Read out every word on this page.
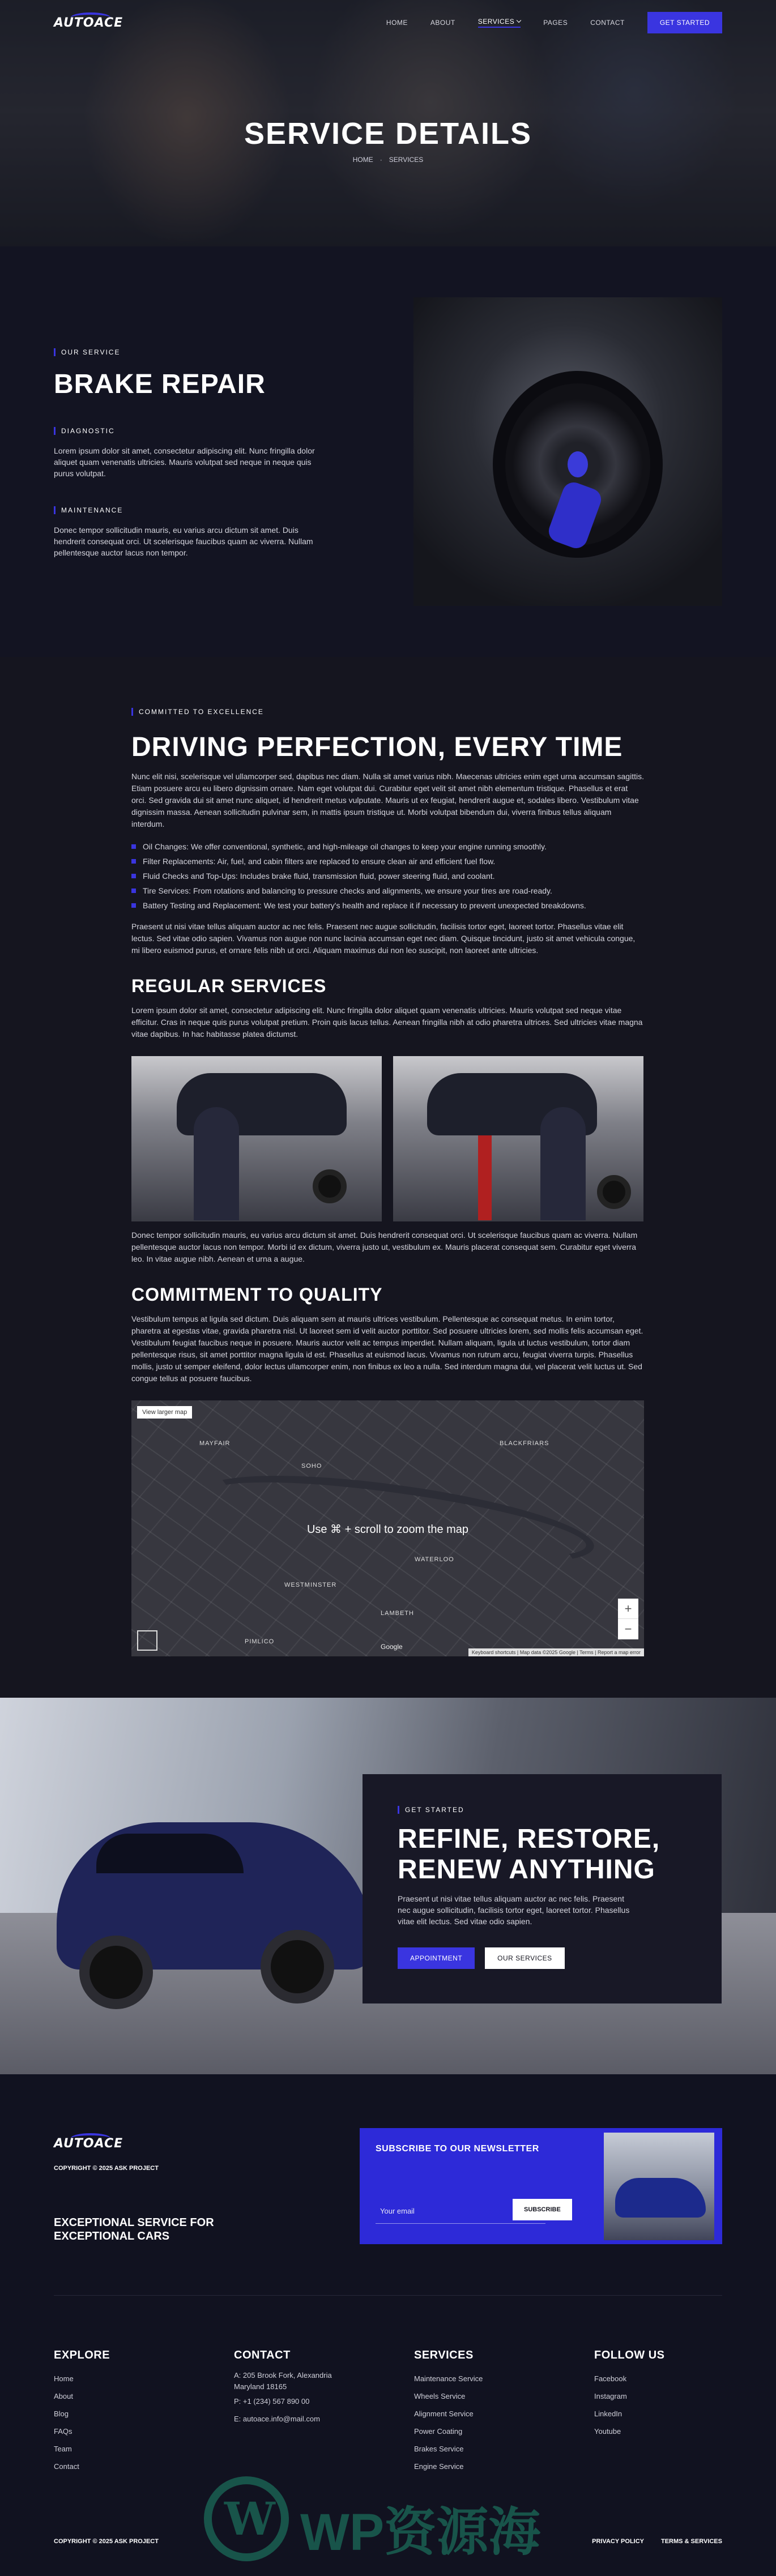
AUTOACE	HOME	ABOUT	SERVICES	PAGES	CONTACT	GET STARTED
SERVICE DETAILS
HOME · SERVICES
OUR SERVICE
BRAKE REPAIR
DIAGNOSTIC

Lorem ipsum dolor sit amet, consectetur adipiscing elit. Nunc fringilla dolor aliquet quam venenatis ultricies. Mauris volutpat sed neque in neque quis purus volutpat.

MAINTENANCE

Donec tempor sollicitudin mauris, eu varius arcu dictum sit amet. Duis hendrerit consequat orci. Ut scelerisque faucibus quam ac viverra. Nullam pellentesque auctor lacus non tempor.

COMMITTED TO EXCELLENCE
DRIVING PERFECTION, EVERY TIME

Nunc elit nisi, scelerisque vel ullamcorper sed, dapibus nec diam. Nulla sit amet varius nibh. Maecenas ultricies enim eget urna accumsan sagittis. Etiam posuere arcu eu libero dignissim ornare. Nam eget volutpat dui. Curabitur eget velit sit amet nibh elementum tristique. Phasellus et erat orci. Sed gravida dui sit amet nunc aliquet, id hendrerit metus vulputate. Mauris ut ex feugiat, hendrerit augue et, sodales libero. Vestibulum vitae dignissim massa. Aenean sollicitudin pulvinar sem, in mattis ipsum tristique ut. Morbi volutpat bibendum dui, viverra finibus tellus aliquam interdum.

Oil Changes: We offer conventional, synthetic, and high-mileage oil changes to keep your engine running smoothly.
Filter Replacements: Air, fuel, and cabin filters are replaced to ensure clean air and efficient fuel flow.
Fluid Checks and Top-Ups: Includes brake fluid, transmission fluid, power steering fluid, and coolant.
Tire Services: From rotations and balancing to pressure checks and alignments, we ensure your tires are road-ready.
Battery Testing and Replacement: We test your battery's health and replace it if necessary to prevent unexpected breakdowns.

Praesent ut nisi vitae tellus aliquam auctor ac nec felis. Praesent nec augue sollicitudin, facilisis tortor eget, laoreet tortor. Phasellus vitae elit lectus. Sed vitae odio sapien. Vivamus non augue non nunc lacinia accumsan eget nec diam. Quisque tincidunt, justo sit amet vehicula congue, mi libero euismod purus, et ornare felis nibh ut orci. Aliquam maximus dui non leo suscipit, non laoreet ante ultricies.

REGULAR SERVICES

Lorem ipsum dolor sit amet, consectetur adipiscing elit. Nunc fringilla dolor aliquet quam venenatis ultricies. Mauris volutpat sed neque vitae efficitur. Cras in neque quis purus volutpat pretium. Proin quis lacus tellus. Aenean fringilla nibh at odio pharetra ultrices. Sed ultricies vitae magna vitae dapibus. In hac habitasse platea dictumst.

Donec tempor sollicitudin mauris, eu varius arcu dictum sit amet. Duis hendrerit consequat orci. Ut scelerisque faucibus quam ac viverra. Nullam pellentesque auctor lacus non tempor. Morbi id ex dictum, viverra justo ut, vestibulum ex. Mauris placerat consequat sem. Curabitur eget viverra leo. In vitae augue nibh. Aenean et urna a augue.

COMMITMENT TO QUALITY

Vestibulum tempus at ligula sed dictum. Duis aliquam sem at mauris ultrices vestibulum. Pellentesque ac consequat metus. In enim tortor, pharetra at egestas vitae, gravida pharetra nisl. Ut laoreet sem id velit auctor porttitor. Sed posuere ultricies lorem, sed mollis felis accumsan eget. Vestibulum feugiat faucibus neque in posuere. Mauris auctor velit ac tempus imperdiet. Nullam aliquam, ligula ut luctus vestibulum, tortor diam pellentesque risus, sit amet porttitor magna ligula id est. Phasellus at euismod lacus. Vivamus non rutrum arcu, feugiat viverra turpis. Phasellus mollis, justo ut semper eleifend, dolor lectus ullamcorper enim, non finibus ex leo a nulla. Sed interdum magna dui, vel placerat velit luctus ut. Sed congue tellus at posuere faucibus.

MAYFAIR
SOHO
BLACKFRIARS
WATERLOO
WESTMINSTER
LAMBETH
PIMLICO
View larger map
Use ⌘ + scroll to zoom the map
+
−
Google
Keyboard shortcuts | Map data ©2025 Google | Terms | Report a map error
GET STARTED
REFINE, RESTORE, RENEW ANYTHING

Praesent ut nisi vitae tellus aliquam auctor ac nec felis. Praesent nec augue sollicitudin, facilisis tortor eget, laoreet tortor. Phasellus vitae elit lectus. Sed vitae odio sapien.

APPOINTMENT	OUR SERVICES
AUTOACE
COPYRIGHT © 2025 ASK PROJECT
EXCEPTIONAL SERVICE FOR EXCEPTIONAL CARS
SUBSCRIBE TO OUR NEWSLETTER
Your email	SUBSCRIBE
EXPLORE
Home
About
Blog
FAQs
Team
Contact
CONTACT
A: 205 Brook Fork, Alexandria
Maryland 18165
P: +1 (234) 567 890 00
E: autoace.info@mail.com
SERVICES
Maintenance Service
Wheels Service
Alignment Service
Power Coating
Brakes Service
Engine Service
FOLLOW US
Facebook
Instagram
LinkedIn
Youtube
W WP资源海
COPYRIGHT © 2025 ASK PROJECT	PRIVACY POLICY	TERMS & SERVICES
